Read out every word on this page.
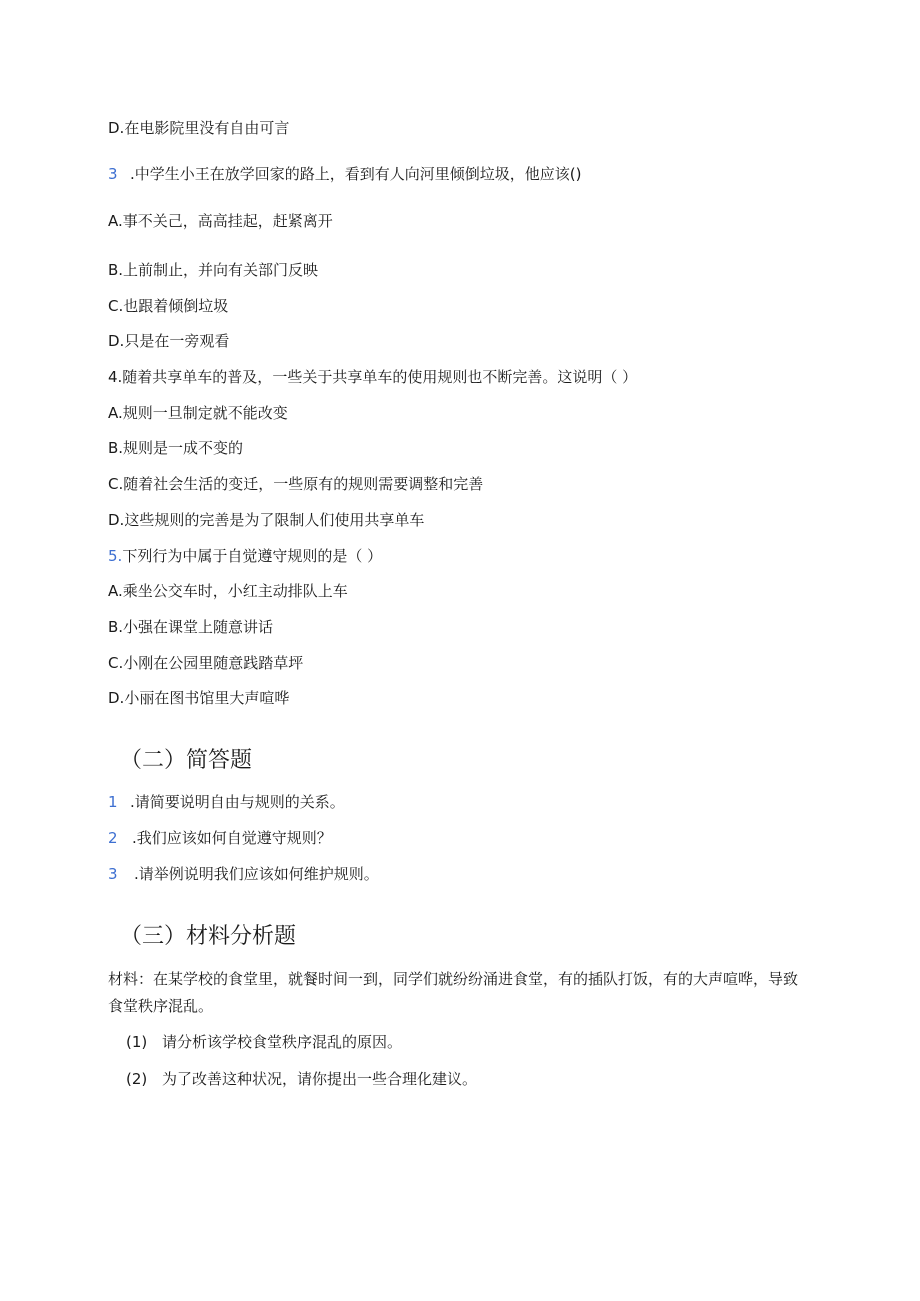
D.在电影院里没有自由可言
3 .中学生小王在放学回家的路上，看到有人向河里倾倒垃圾，他应该()
A.事不关己，高高挂起，赶紧离开
B.上前制止，并向有关部门反映
C.也跟着倾倒垃圾
D.只是在一旁观看
4.随着共享单车的普及，一些关于共享单车的使用规则也不断完善。这说明（ ）
A.规则一旦制定就不能改变
B.规则是一成不变的
C.随着社会生活的变迁，一些原有的规则需要调整和完善
D.这些规则的完善是为了限制人们使用共享单车
5.下列行为中属于自觉遵守规则的是（ ）
A.乘坐公交车时，小红主动排队上车
B.小强在课堂上随意讲话
C.小刚在公园里随意践踏草坪
D.小丽在图书馆里大声喧哗
（二）简答题
1 .请简要说明自由与规则的关系。
2 .我们应该如何自觉遵守规则？
3 .请举例说明我们应该如何维护规则。
（三）材料分析题
材料：在某学校的食堂里，就餐时间一到，同学们就纷纷涌进食堂，有的插队打饭，有的大声喧哗，导致食堂秩序混乱。
(1) 请分析该学校食堂秩序混乱的原因。
(2) 为了改善这种状况，请你提出一些合理化建议。
